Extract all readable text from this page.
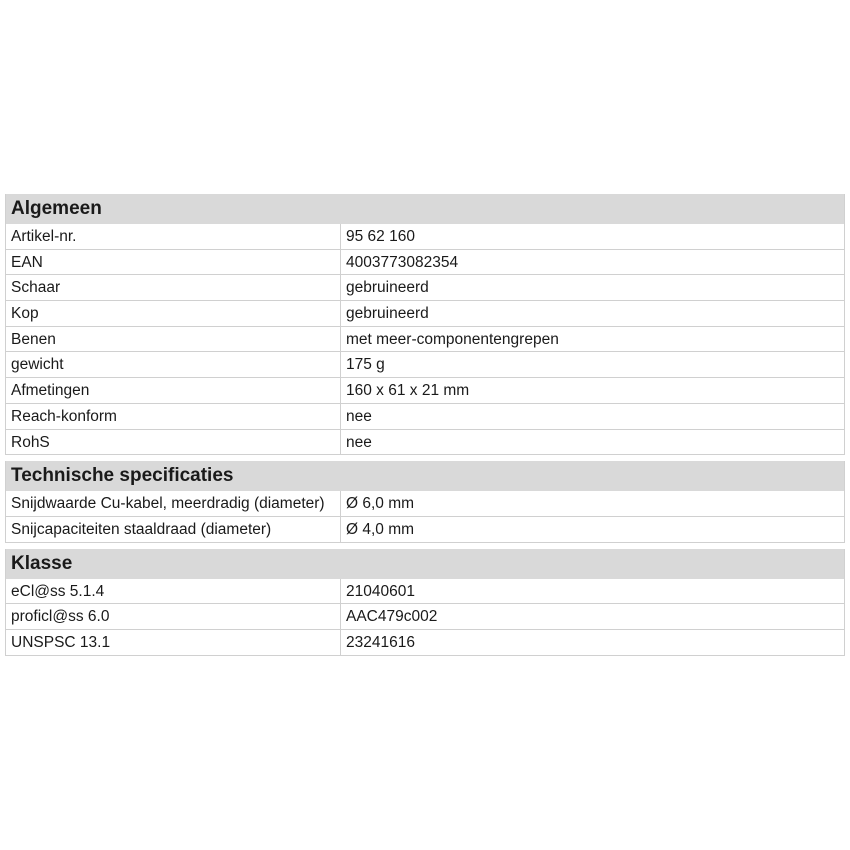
Algemeen
Artikel-nr.	95 62 160
EAN	4003773082354
Schaar	gebruineerd
Kop	gebruineerd
Benen	met meer-componentengrepen
gewicht	175 g
Afmetingen	160 x 61 x 21 mm
Reach-konform	nee
RohS	nee
Technische specificaties
Snijdwaarde Cu-kabel, meerdradig (diameter)	Ø 6,0 mm
Snijcapaciteiten staaldraad (diameter)	Ø 4,0 mm
Klasse
eCl@ss 5.1.4	21040601
proficl@ss 6.0	AAC479c002
UNSPSC 13.1	23241616
